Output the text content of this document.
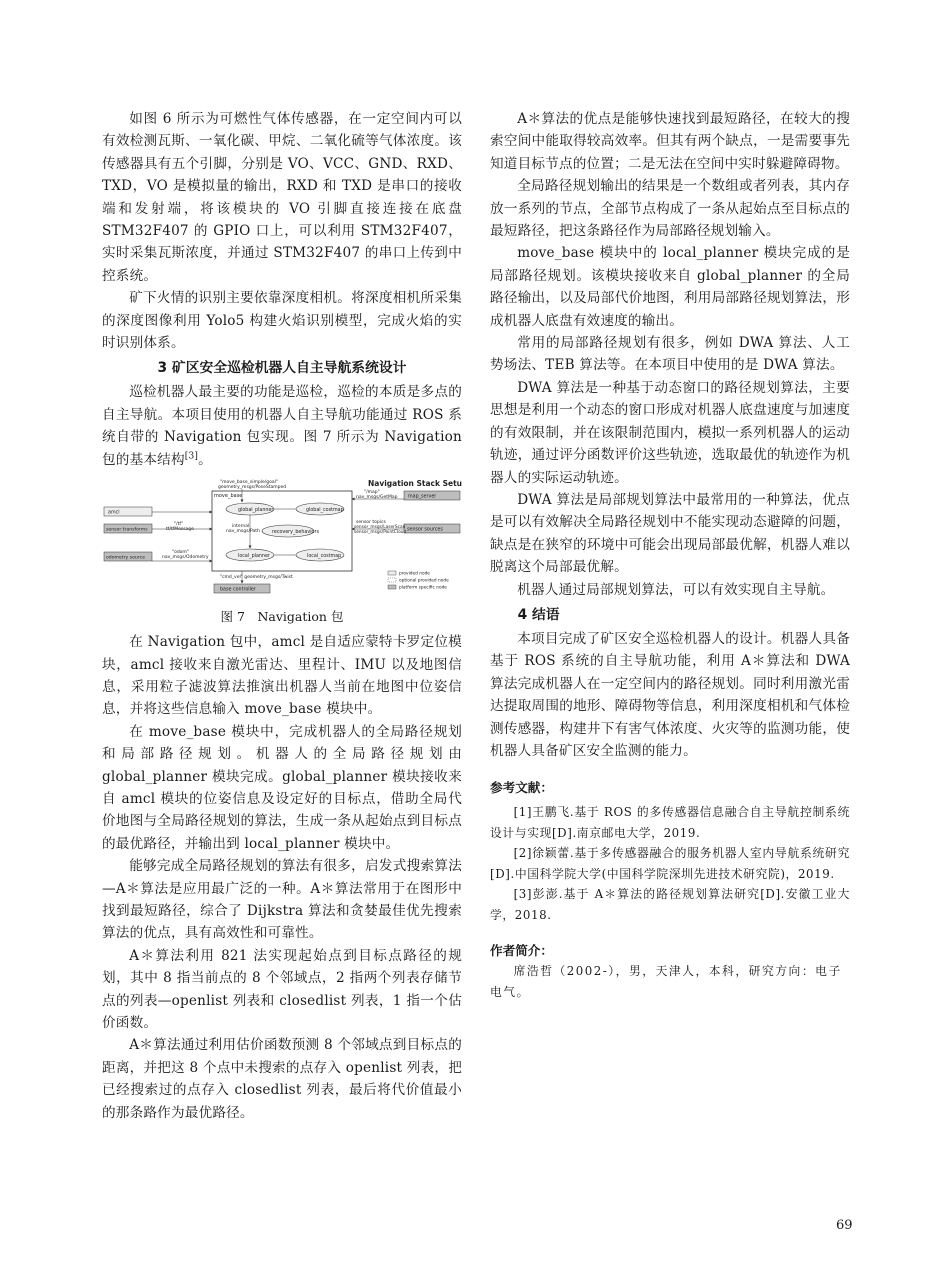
如图 6 所示为可燃性气体传感器，在一定空间内可以有效检测瓦斯、一氧化碳、甲烷、二氧化硫等气体浓度。该传感器具有五个引脚，分别是 VO、VCC、GND、RXD、TXD，VO 是模拟量的输出，RXD 和 TXD 是串口的接收端和发射端，将该模块的 VO 引脚直接连接在底盘 STM32F407 的 GPIO 口上，可以利用 STM32F407，实时采集瓦斯浓度，并通过 STM32F407 的串口上传到中控系统。

矿下火情的识别主要依靠深度相机。将深度相机所采集的深度图像利用 Yolo5 构建火焰识别模型，完成火焰的实时识别体系。

3 矿区安全巡检机器人自主导航系统设计

巡检机器人最主要的功能是巡检，巡检的本质是多点的自主导航。本项目使用的机器人自主导航功能通过 ROS 系统自带的 Navigation 包实现。图 7 所示为 Navigation 包的基本结构[3]。

Navigation Stack Setup
"move_base_simple/goal"
geometry_msgs/PoseStamped
move_base
global_planner	global_costmap
internal
nav_msgs/Path	recovery_behaviors
local_planner	local_costmap
amcl
sensor transforms
odometry source
"/tf"
tf/tfMessage
"odom"
nav_msgs/Odometry
map_server
"/map"
nav_msgs/GetMap
sensor sources
sensor topics
sensor_msgs/LaserScan
sensor_msgs/PointCloud
"cmd_vel" geometry_msgs/Twist
base controller
provided node
optional provided node
platform specific node
图 7　Navigation 包

在 Navigation 包中，amcl 是自适应蒙特卡罗定位模块，amcl 接收来自激光雷达、里程计、IMU 以及地图信息，采用粒子滤波算法推演出机器人当前在地图中位姿信息，并将这些信息输入 move_base 模块中。

在 move_base 模块中，完成机器人的全局路径规划和局部路径规划。机器人的全局路径规划由 global_planner 模块完成。global_planner 模块接收来自 amcl 模块的位姿信息及设定好的目标点，借助全局代价地图与全局路径规划的算法，生成一条从起始点到目标点的最优路径，并输出到 local_planner 模块中。

能够完成全局路径规划的算法有很多，启发式搜索算法—A＊算法是应用最广泛的一种。A＊算法常用于在图形中找到最短路径，综合了 Dijkstra 算法和贪婪最佳优先搜索算法的优点，具有高效性和可靠性。

A＊算法利用 821 法实现起始点到目标点路径的规划，其中 8 指当前点的 8 个邻域点，2 指两个列表存储节点的列表—openlist 列表和 closedlist 列表，1 指一个估价函数。

A＊算法通过利用估价函数预测 8 个邻域点到目标点的距离，并把这 8 个点中未搜索的点存入 openlist 列表，把已经搜索过的点存入 closedlist 列表，最后将代价值最小的那条路作为最优路径。

A＊算法的优点是能够快速找到最短路径，在较大的搜索空间中能取得较高效率。但其有两个缺点，一是需要事先知道目标节点的位置；二是无法在空间中实时躲避障碍物。

全局路径规划输出的结果是一个数组或者列表，其内存放一系列的节点，全部节点构成了一条从起始点至目标点的最短路径，把这条路径作为局部路径规划输入。

move_base 模块中的 local_planner 模块完成的是局部路径规划。该模块接收来自 global_planner 的全局路径输出，以及局部代价地图，利用局部路径规划算法，形成机器人底盘有效速度的输出。

常用的局部路径规划有很多，例如 DWA 算法、人工势场法、TEB 算法等。在本项目中使用的是 DWA 算法。

DWA 算法是一种基于动态窗口的路径规划算法，主要思想是利用一个动态的窗口形成对机器人底盘速度与加速度的有效限制，并在该限制范围内，模拟一系列机器人的运动轨迹，通过评分函数评价这些轨迹，选取最优的轨迹作为机器人的实际运动轨迹。

DWA 算法是局部规划算法中最常用的一种算法，优点是可以有效解决全局路径规划中不能实现动态避障的问题，缺点是在狭窄的环境中可能会出现局部最优解，机器人难以脱离这个局部最优解。

机器人通过局部规划算法，可以有效实现自主导航。

4 结语

本项目完成了矿区安全巡检机器人的设计。机器人具备基于 ROS 系统的自主导航功能，利用 A＊算法和 DWA 算法完成机器人在一定空间内的路径规划。同时利用激光雷达提取周围的地形、障碍物等信息，利用深度相机和气体检测传感器，构建井下有害气体浓度、火灾等的监测功能，使机器人具备矿区安全监测的能力。

参考文献：

[1]王鹏飞.基于 ROS 的多传感器信息融合自主导航控制系统设计与实现[D].南京邮电大学，2019.

[2]徐颖蕾.基于多传感器融合的服务机器人室内导航系统研究[D].中国科学院大学(中国科学院深圳先进技术研究院)，2019.

[3]彭澎.基于 A＊算法的路径规划算法研究[D].安徽工业大学，2018.

作者简介：

席浩哲（2002-），男，天津人，本科，研究方向：电子电气。

69
